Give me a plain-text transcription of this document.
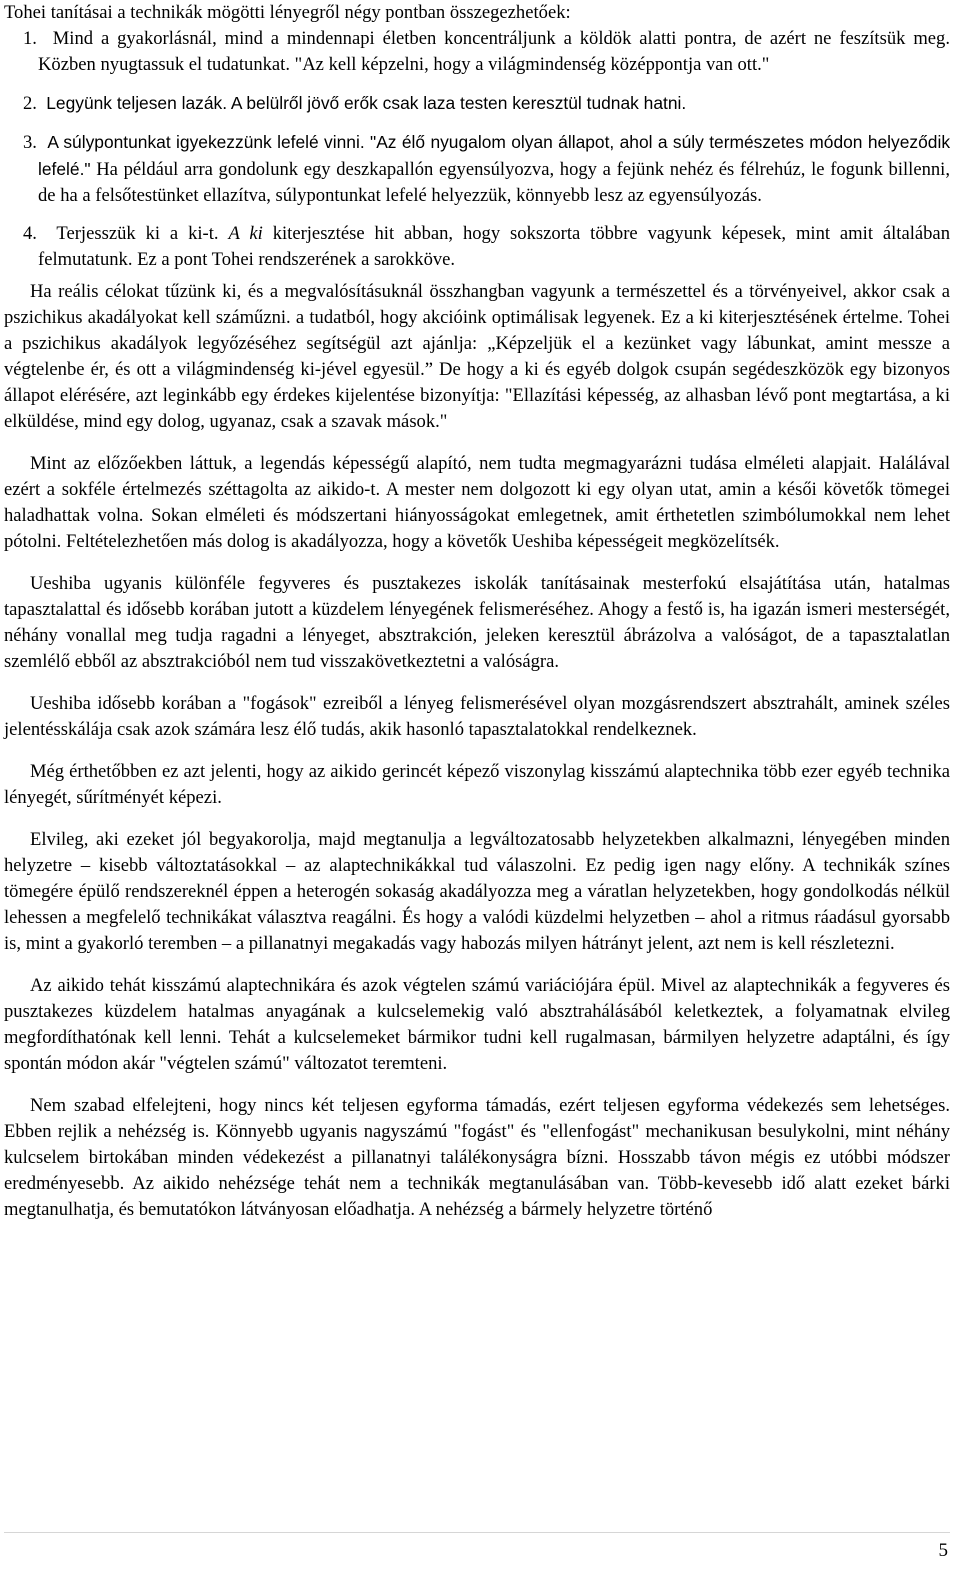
Tohei tanításai a technikák mögötti lényegről négy pontban összegezhetőek:

1. Mind a gyakorlásnál, mind a mindennapi életben koncentráljunk a köldök alatti pontra, de azért ne feszítsük meg. Közben nyugtassuk el tudatunkat. "Az kell képzelni, hogy a világmindenség középpontja van ott."
2. Legyünk teljesen lazák. A belülről jövő erők csak laza testen keresztül tudnak hatni.
3. A súlypontunkat igyekezzünk lefelé vinni. "Az élő nyugalom olyan állapot, ahol a súly természetes módon helyeződik lefelé." Ha például arra gondolunk egy deszkapallón egyensúlyozva, hogy a fejünk nehéz és félrehúz, le fogunk billenni, de ha a felsőtestünket ellazítva, súlypontunkat lefelé helyezzük, könnyebb lesz az egyensúlyozás.
4. Terjesszük ki a ki-t. A ki kiterjesztése hit abban, hogy sokszorta többre vagyunk képesek, mint amit általában felmutatunk. Ez a pont Tohei rendszerének a sarokköve.

Ha reális célokat tűzünk ki, és a megvalósításuknál összhangban vagyunk a természettel és a törvényeivel, akkor csak a pszichikus akadályokat kell száműzni. a tudatból, hogy akcióink optimálisak legyenek. Ez a ki kiterjesztésének értelme. Tohei a pszichikus akadályok legyőzéséhez segítségül azt ajánlja: „Képzeljük el a kezünket vagy lábunkat, amint messze a végtelenbe ér, és ott a világmindenség ki-jével egyesül.” De hogy a ki és egyéb dolgok csupán segédeszközök egy bizonyos állapot elérésére, azt leginkább egy érdekes kijelentése bizonyítja: "Ellazítási képesség, az alhasban lévő pont megtartása, a ki elküldése, mind egy dolog, ugyanaz, csak a szavak mások."

Mint az előzőekben láttuk, a legendás képességű alapító, nem tudta megmagyarázni tudása elméleti alapjait. Halálával ezért a sokféle értelmezés széttagolta az aikido-t. A mester nem dolgozott ki egy olyan utat, amin a késői követők tömegei haladhattak volna. Sokan elméleti és módszertani hiányosságokat emlegetnek, amit érthetetlen szimbólumokkal nem lehet pótolni. Feltételezhetően más dolog is akadályozza, hogy a követők Ueshiba képességeit megközelítsék.

Ueshiba ugyanis különféle fegyveres és pusztakezes iskolák tanításainak mesterfokú elsajátítása után, hatalmas tapasztalattal és idősebb korában jutott a küzdelem lényegének felismeréséhez. Ahogy a festő is, ha igazán ismeri mesterségét, néhány vonallal meg tudja ragadni a lényeget, absztrakción, jeleken keresztül ábrázolva a valóságot, de a tapasztalatlan szemlélő ebből az absztrakcióból nem tud visszakövetkeztetni a valóságra.

Ueshiba idősebb korában a "fogások" ezreiből a lényeg felismerésével olyan mozgásrendszert absztrahált, aminek széles jelentésskálája csak azok számára lesz élő tudás, akik hasonló tapasztalatokkal rendelkeznek.

Még érthetőbben ez azt jelenti, hogy az aikido gerincét képező viszonylag kisszámú alaptechnika több ezer egyéb technika lényegét, sűrítményét képezi.

Elvileg, aki ezeket jól begyakorolja, majd megtanulja a legváltozatosabb helyzetekben alkalmazni, lényegében minden helyzetre – kisebb változtatásokkal – az alaptechnikákkal tud válaszolni. Ez pedig igen nagy előny. A technikák színes tömegére épülő rendszereknél éppen a heterogén sokaság akadályozza meg a váratlan helyzetekben, hogy gondolkodás nélkül lehessen a megfelelő technikákat választva reagálni. És hogy a valódi küzdelmi helyzetben – ahol a ritmus ráadásul gyorsabb is, mint a gyakorló teremben – a pillanatnyi megakadás vagy habozás milyen hátrányt jelent, azt nem is kell részletezni.

Az aikido tehát kisszámú alaptechnikára és azok végtelen számú variációjára épül. Mivel az alaptechnikák a fegyveres és pusztakezes küzdelem hatalmas anyagának a kulcselemekig való absztrahálásából keletkeztek, a folyamatnak elvileg megfordíthatónak kell lenni. Tehát a kulcselemeket bármikor tudni kell rugalmasan, bármilyen helyzetre adaptálni, és így spontán módon akár "végtelen számú" változatot teremteni.

Nem szabad elfelejteni, hogy nincs két teljesen egyforma támadás, ezért teljesen egyforma védekezés sem lehetséges. Ebben rejlik a nehézség is. Könnyebb ugyanis nagyszámú "fogást" és "ellenfogást" mechanikusan besulykolni, mint néhány kulcselem birtokában minden védekezést a pillanatnyi találékonyságra bízni. Hosszabb távon mégis ez utóbbi módszer eredményesebb. Az aikido nehézsége tehát nem a technikák megtanulásában van. Több-kevesebb idő alatt ezeket bárki megtanulhatja, és bemutatókon látványosan előadhatja. A nehézség a bármely helyzetre történő

5
